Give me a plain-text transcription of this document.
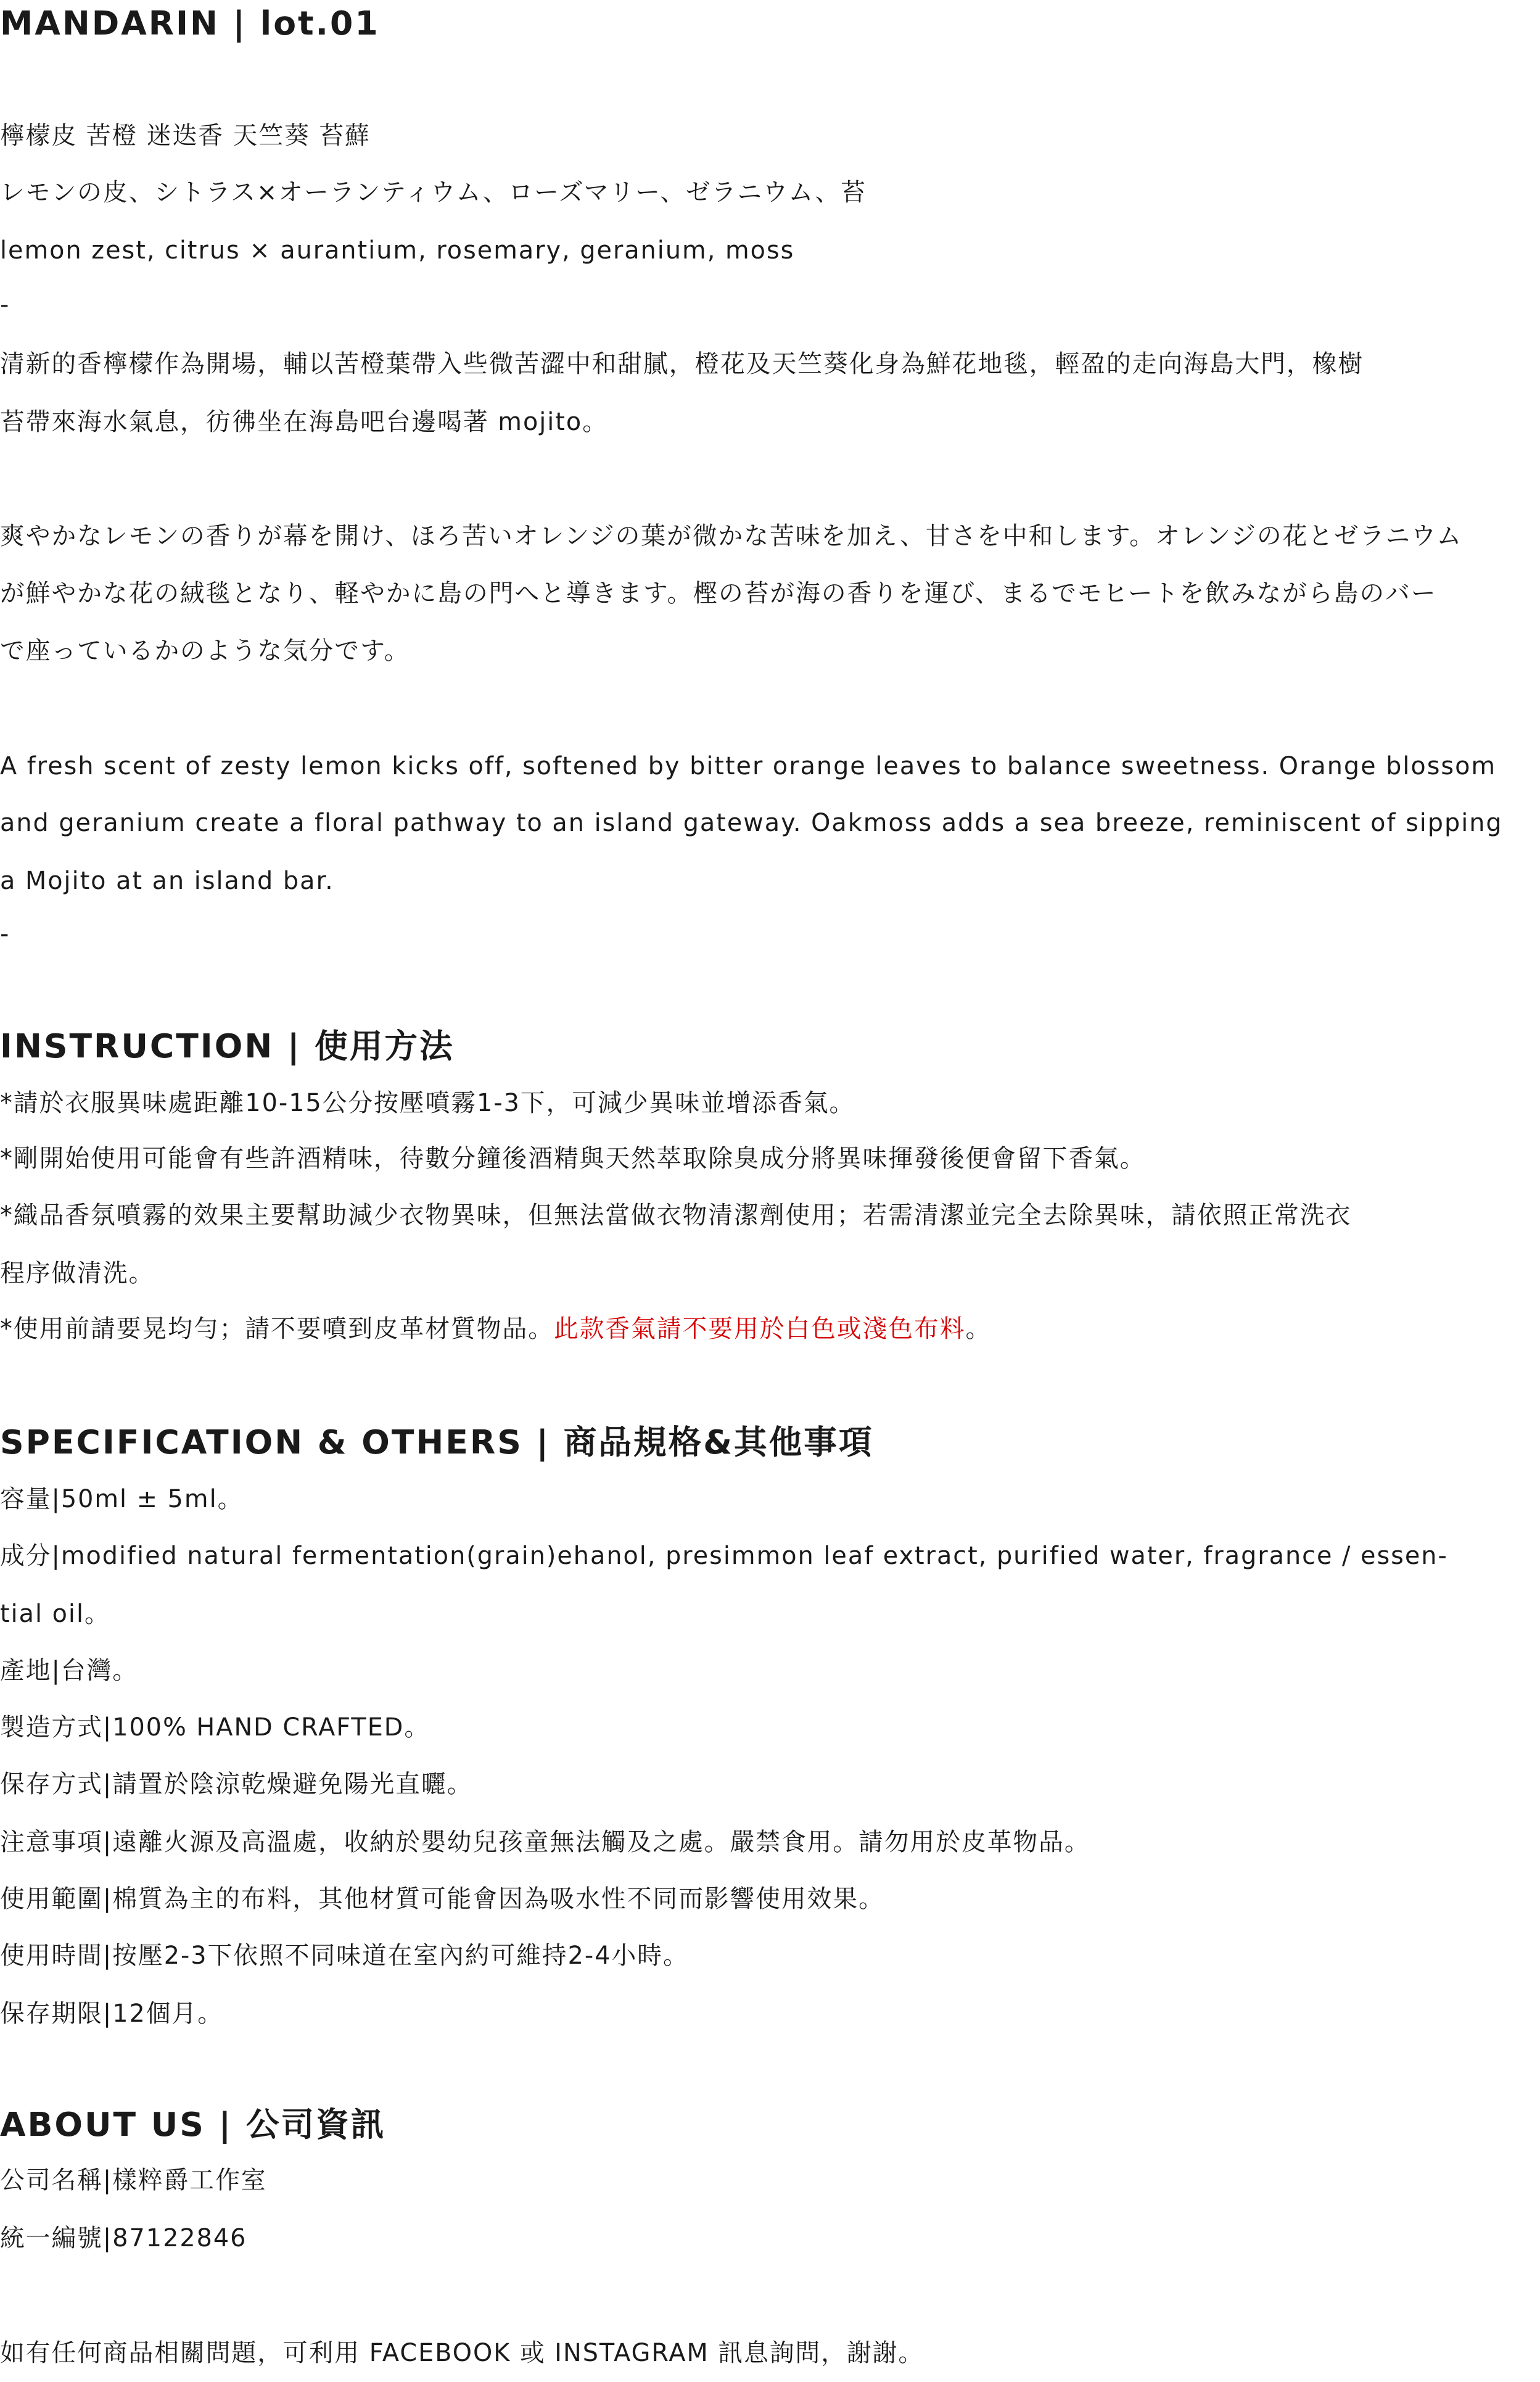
MANDARIN | lot.01
檸檬皮 苦橙 迷迭香 天竺葵 苔蘚
レモンの皮、シトラス×オーランティウム、ローズマリー、ゼラニウム、苔
lemon zest, citrus × aurantium, rosemary, geranium, moss
-
清新的香檸檬作為開場，輔以苦橙葉帶入些微苦澀中和甜膩，橙花及天竺葵化身為鮮花地毯，輕盈的走向海島大門，橡樹
苔帶來海水氣息，彷彿坐在海島吧台邊喝著 mojito。
爽やかなレモンの香りが幕を開け、ほろ苦いオレンジの葉が微かな苦味を加え、甘さを中和します。オレンジの花とゼラニウム
が鮮やかな花の絨毯となり、軽やかに島の門へと導きます。樫の苔が海の香りを運び、まるでモヒートを飲みながら島のバー
で座っているかのような気分です。
A fresh scent of zesty lemon kicks off, softened by bitter orange leaves to balance sweetness. Orange blossom
and geranium create a floral pathway to an island gateway. Oakmoss adds a sea breeze, reminiscent of sipping
a Mojito at an island bar.
-
INSTRUCTION | 使用方法
*請於衣服異味處距離10-15公分按壓噴霧1-3下，可減少異味並增添香氣。
*剛開始使用可能會有些許酒精味，待數分鐘後酒精與天然萃取除臭成分將異味揮發後便會留下香氣。
*織品香氛噴霧的效果主要幫助減少衣物異味，但無法當做衣物清潔劑使用；若需清潔並完全去除異味，請依照正常洗衣
程序做清洗。
*使用前請要晃均勻；請不要噴到皮革材質物品。此款香氣請不要用於白色或淺色布料。
SPECIFICATION & OTHERS | 商品規格&其他事項
容量|50ml ± 5ml。
成分|modified natural fermentation(grain)ehanol, presimmon leaf extract, purified water, fragrance / essen-
tial oil。
產地|台灣。
製造方式|100% HAND CRAFTED。
保存方式|請置於陰涼乾燥避免陽光直曬。
注意事項|遠離火源及高溫處，收納於嬰幼兒孩童無法觸及之處。嚴禁食用。請勿用於皮革物品。
使用範圍|棉質為主的布料，其他材質可能會因為吸水性不同而影響使用效果。
使用時間|按壓2-3下依照不同味道在室內約可維持2-4小時。
保存期限|12個月。
ABOUT US | 公司資訊
公司名稱|樣粹爵工作室
統一編號|87122846
如有任何商品相關問題，可利用 FACEBOOK 或 INSTAGRAM 訊息詢問，謝謝。
